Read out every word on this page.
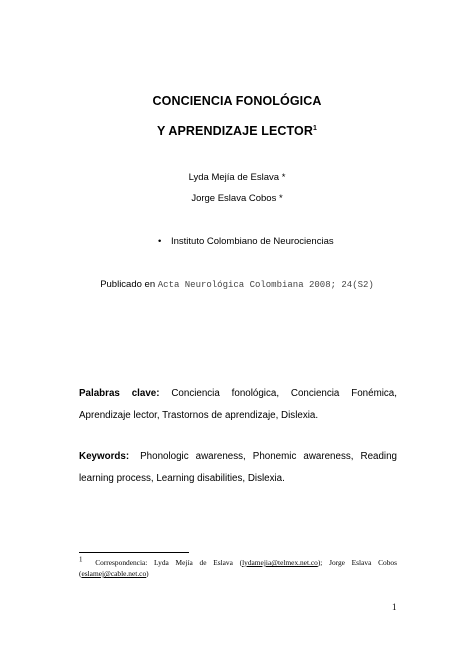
CONCIENCIA FONOLÓGICA
Y APRENDIZAJE LECTOR$^1$
Lyda Mejía de Eslava *
Jorge Eslava Cobos *
• Instituto Colombiano de Neurociencias
Publicado en Acta Neurológica Colombiana 2008; 24(S2)
Palabras clave: Conciencia fonológica, Conciencia Fonémica, Aprendizaje lector, Trastornos de aprendizaje, Dislexia.
Keywords: Phonologic awareness, Phonemic awareness, Reading learning process, Learning disabilities, Dislexia.
$^1$ Correspondencia: Lyda Mejía de Eslava (lydamejia@telmex.net.co); Jorge Eslava Cobos (eslamej@cable.net.co)
1
